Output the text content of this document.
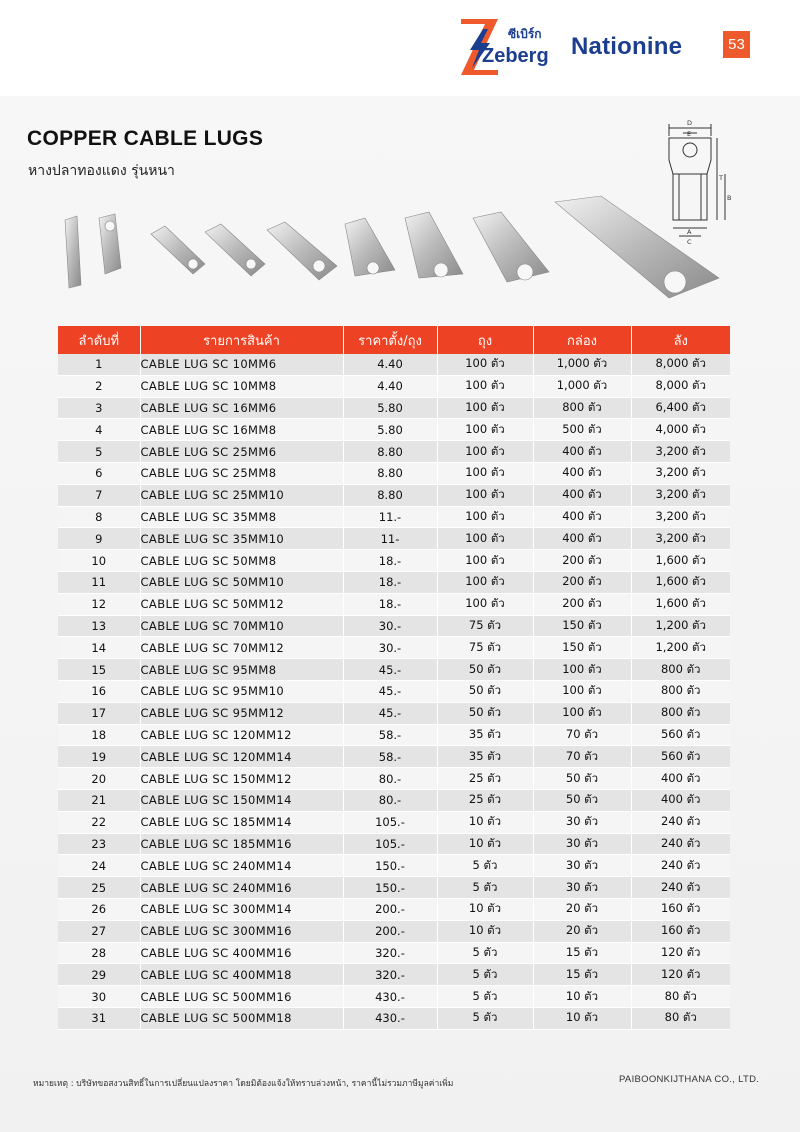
ซีเบิร์ก
Zeberg Nationine	53
COPPER CABLE LUGS
หางปลาทองแดง รุ่นหนา
D
E
T
B
A
C
ลำดับที่	รายการสินค้า	ราคาตั้ง/ถุง	ถุง	กล่อง	ลัง
1	CABLE LUG SC 10MM6	4.40	100 ตัว	1,000 ตัว	8,000 ตัว
2	CABLE LUG SC 10MM8	4.40	100 ตัว	1,000 ตัว	8,000 ตัว
3	CABLE LUG SC 16MM6	5.80	100 ตัว	800 ตัว	6,400 ตัว
4	CABLE LUG SC 16MM8	5.80	100 ตัว	500 ตัว	4,000 ตัว
5	CABLE LUG SC 25MM6	8.80	100 ตัว	400 ตัว	3,200 ตัว
6	CABLE LUG SC 25MM8	8.80	100 ตัว	400 ตัว	3,200 ตัว
7	CABLE LUG SC 25MM10	8.80	100 ตัว	400 ตัว	3,200 ตัว
8	CABLE LUG SC 35MM8	11.-	100 ตัว	400 ตัว	3,200 ตัว
9	CABLE LUG SC 35MM10	11-	100 ตัว	400 ตัว	3,200 ตัว
10	CABLE LUG SC 50MM8	18.-	100 ตัว	200 ตัว	1,600 ตัว
11	CABLE LUG SC 50MM10	18.-	100 ตัว	200 ตัว	1,600 ตัว
12	CABLE LUG SC 50MM12	18.-	100 ตัว	200 ตัว	1,600 ตัว
13	CABLE LUG SC 70MM10	30.-	75 ตัว	150 ตัว	1,200 ตัว
14	CABLE LUG SC 70MM12	30.-	75 ตัว	150 ตัว	1,200 ตัว
15	CABLE LUG SC 95MM8	45.-	50 ตัว	100 ตัว	800 ตัว
16	CABLE LUG SC 95MM10	45.-	50 ตัว	100 ตัว	800 ตัว
17	CABLE LUG SC 95MM12	45.-	50 ตัว	100 ตัว	800 ตัว
18	CABLE LUG SC 120MM12	58.-	35 ตัว	70 ตัว	560 ตัว
19	CABLE LUG SC 120MM14	58.-	35 ตัว	70 ตัว	560 ตัว
20	CABLE LUG SC 150MM12	80.-	25 ตัว	50 ตัว	400 ตัว
21	CABLE LUG SC 150MM14	80.-	25 ตัว	50 ตัว	400 ตัว
22	CABLE LUG SC 185MM14	105.-	10 ตัว	30 ตัว	240 ตัว
23	CABLE LUG SC 185MM16	105.-	10 ตัว	30 ตัว	240 ตัว
24	CABLE LUG SC 240MM14	150.-	5 ตัว	30 ตัว	240 ตัว
25	CABLE LUG SC 240MM16	150.-	5 ตัว	30 ตัว	240 ตัว
26	CABLE LUG SC 300MM14	200.-	10 ตัว	20 ตัว	160 ตัว
27	CABLE LUG SC 300MM16	200.-	10 ตัว	20 ตัว	160 ตัว
28	CABLE LUG SC 400MM16	320.-	5 ตัว	15 ตัว	120 ตัว
29	CABLE LUG SC 400MM18	320.-	5 ตัว	15 ตัว	120 ตัว
30	CABLE LUG SC 500MM16	430.-	5 ตัว	10 ตัว	80 ตัว
31	CABLE LUG SC 500MM18	430.-	5 ตัว	10 ตัว	80 ตัว
หมายเหตุ : บริษัทขอสงวนสิทธิ์ในการเปลี่ยนแปลงราคา โดยมิต้องแจ้งให้ทราบล่วงหน้า, ราคานี้ไม่รวมภาษีมูลค่าเพิ่ม	PAIBOONKIJTHANA CO., LTD.
